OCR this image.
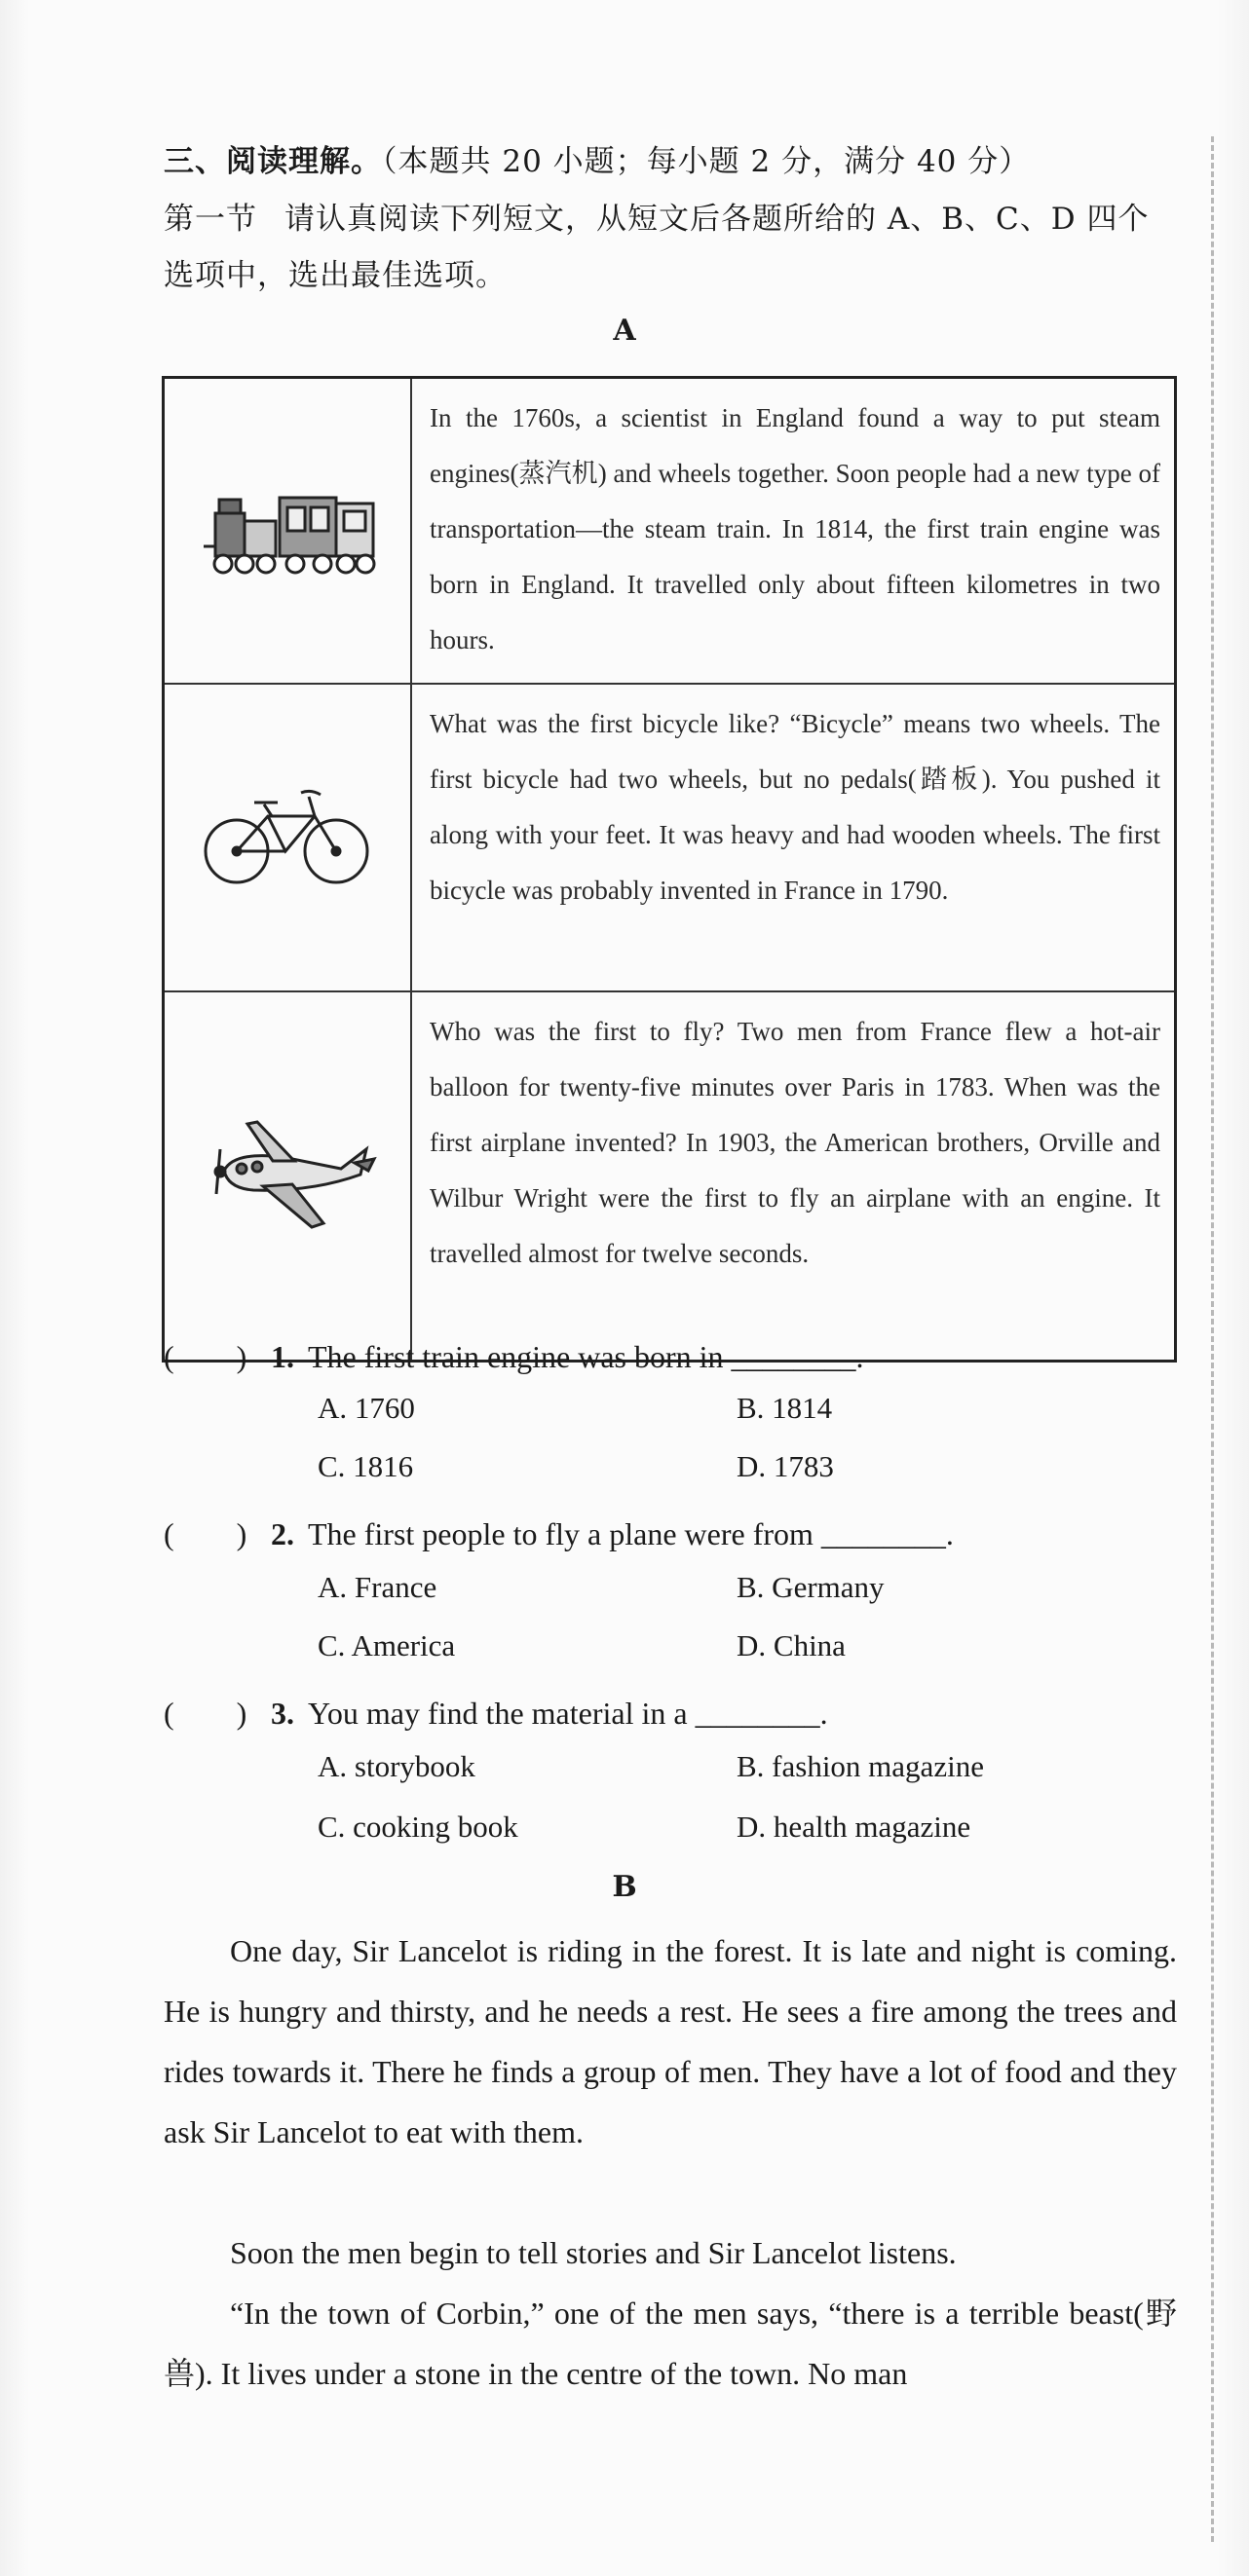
三、阅读理解。（本题共 20 小题；每小题 2 分，满分 40 分）
第一节 请认真阅读下列短文，从短文后各题所给的 A、B、C、D 四个选项中，选出最佳选项。
A
	In the 1760s, a scientist in England found a way to put steam engines(蒸汽机) and wheels together. Soon people had a new type of transportation—the steam train. In 1814, the first train engine was born in England. It travelled only about fifteen kilometres in two hours.
	What was the first bicycle like? “Bicycle” means two wheels. The first bicycle had two wheels, but no pedals(踏板). You pushed it along with your feet. It was heavy and had wooden wheels. The first bicycle was probably invented in France in 1790.
	Who was the first to fly? Two men from France flew a hot-air balloon for twenty-five minutes over Paris in 1783. When was the first airplane invented? In 1903, the American brothers, Orville and Wilbur Wright were the first to fly an airplane with an engine. It travelled almost for twelve seconds.
(　　) 1. The first train engine was born in ________.
A. 1760	B. 1814
C. 1816	D. 1783
(　　) 2. The first people to fly a plane were from ________.
A. France	B. Germany
C. America	D. China
(　　) 3. You may find the material in a ________.
A. storybook	B. fashion magazine
C. cooking book	D. health magazine
B
One day, Sir Lancelot is riding in the forest. It is late and night is coming. He is hungry and thirsty, and he needs a rest. He sees a fire among the trees and rides towards it. There he finds a group of men. They have a lot of food and they ask Sir Lancelot to eat with them.
Soon the men begin to tell stories and Sir Lancelot listens.
“In the town of Corbin,” one of the men says, “there is a terrible beast(野兽). It lives under a stone in the centre of the town. No man
